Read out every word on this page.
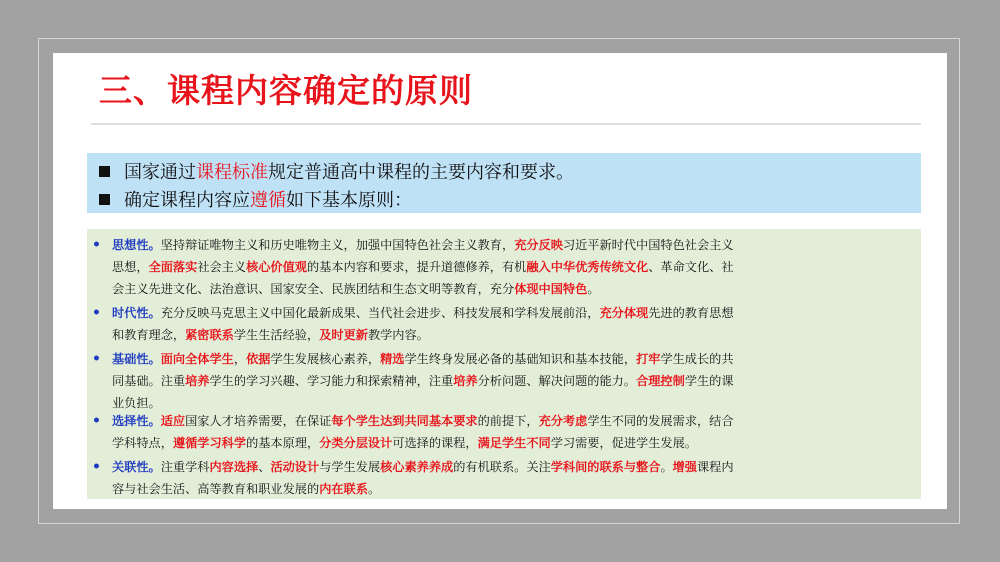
三、课程内容确定的原则
国家通过课程标准规定普通高中课程的主要内容和要求。
确定课程内容应遵循如下基本原则：
• 思想性。坚持辩证唯物主义和历史唯物主义，加强中国特色社会主义教育，充分反映习近平新时代中国特色社会主义
思想，全面落实社会主义核心价值观的基本内容和要求，提升道德修养，有机融入中华优秀传统文化、革命文化、社
会主义先进文化、法治意识、国家安全、民族团结和生态文明等教育，充分体现中国特色。
• 时代性。充分反映马克思主义中国化最新成果、当代社会进步、科技发展和学科发展前沿，充分体现先进的教育思想
和教育理念，紧密联系学生生活经验，及时更新教学内容。
• 基础性。面向全体学生，依据学生发展核心素养，精选学生终身发展必备的基础知识和基本技能，打牢学生成长的共
同基础。注重培养学生的学习兴趣、学习能力和探索精神，注重培养分析问题、解决问题的能力。合理控制学生的课
业负担。
• 选择性。适应国家人才培养需要，在保证每个学生达到共同基本要求的前提下，充分考虑学生不同的发展需求，结合
学科特点，遵循学习科学的基本原理，分类分层设计可选择的课程，满足学生不同学习需要，促进学生发展。
• 关联性。注重学科内容选择、活动设计与学生发展核心素养养成的有机联系。关注学科间的联系与整合。增强课程内
容与社会生活、高等教育和职业发展的内在联系。
